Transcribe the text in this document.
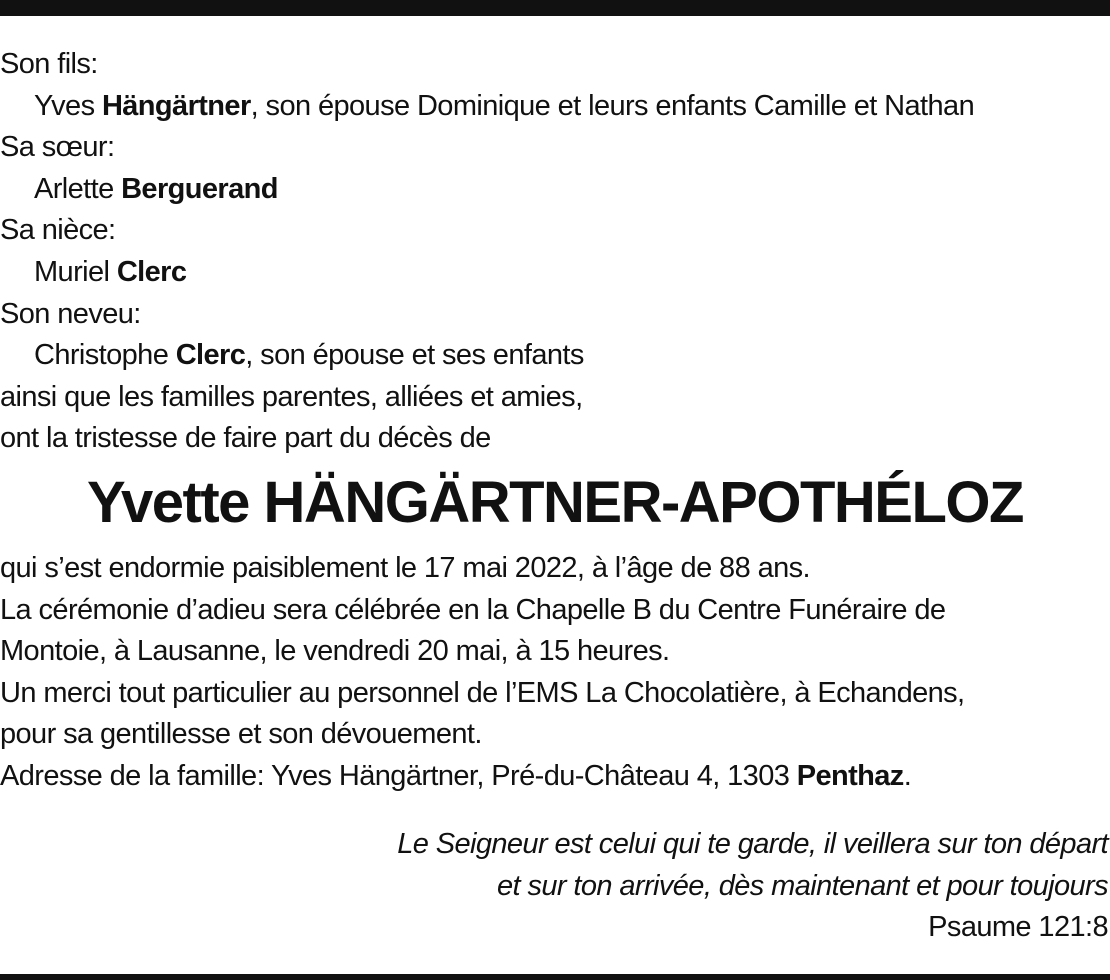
Son fils:
Yves Hängärtner, son épouse Dominique et leurs enfants Camille et Nathan
Sa sœur:
Arlette Berguerand
Sa nièce:
Muriel Clerc
Son neveu:
Christophe Clerc, son épouse et ses enfants
ainsi que les familles parentes, alliées et amies,
ont la tristesse de faire part du décès de
Yvette HÄNGÄRTNER-APOTHÉLOZ
qui s’est endormie paisiblement le 17 mai 2022, à l’âge de 88 ans.
La cérémonie d’adieu sera célébrée en la Chapelle B du Centre Funéraire de
Montoie, à Lausanne, le vendredi 20 mai, à 15 heures.
Un merci tout particulier au personnel de l’EMS La Chocolatière, à Echandens,
pour sa gentillesse et son dévouement.
Adresse de la famille: Yves Hängärtner, Pré-du-Château 4, 1303 Penthaz.
Le Seigneur est celui qui te garde, il veillera sur ton départ
et sur ton arrivée, dès maintenant et pour toujours
Psaume 121:8
